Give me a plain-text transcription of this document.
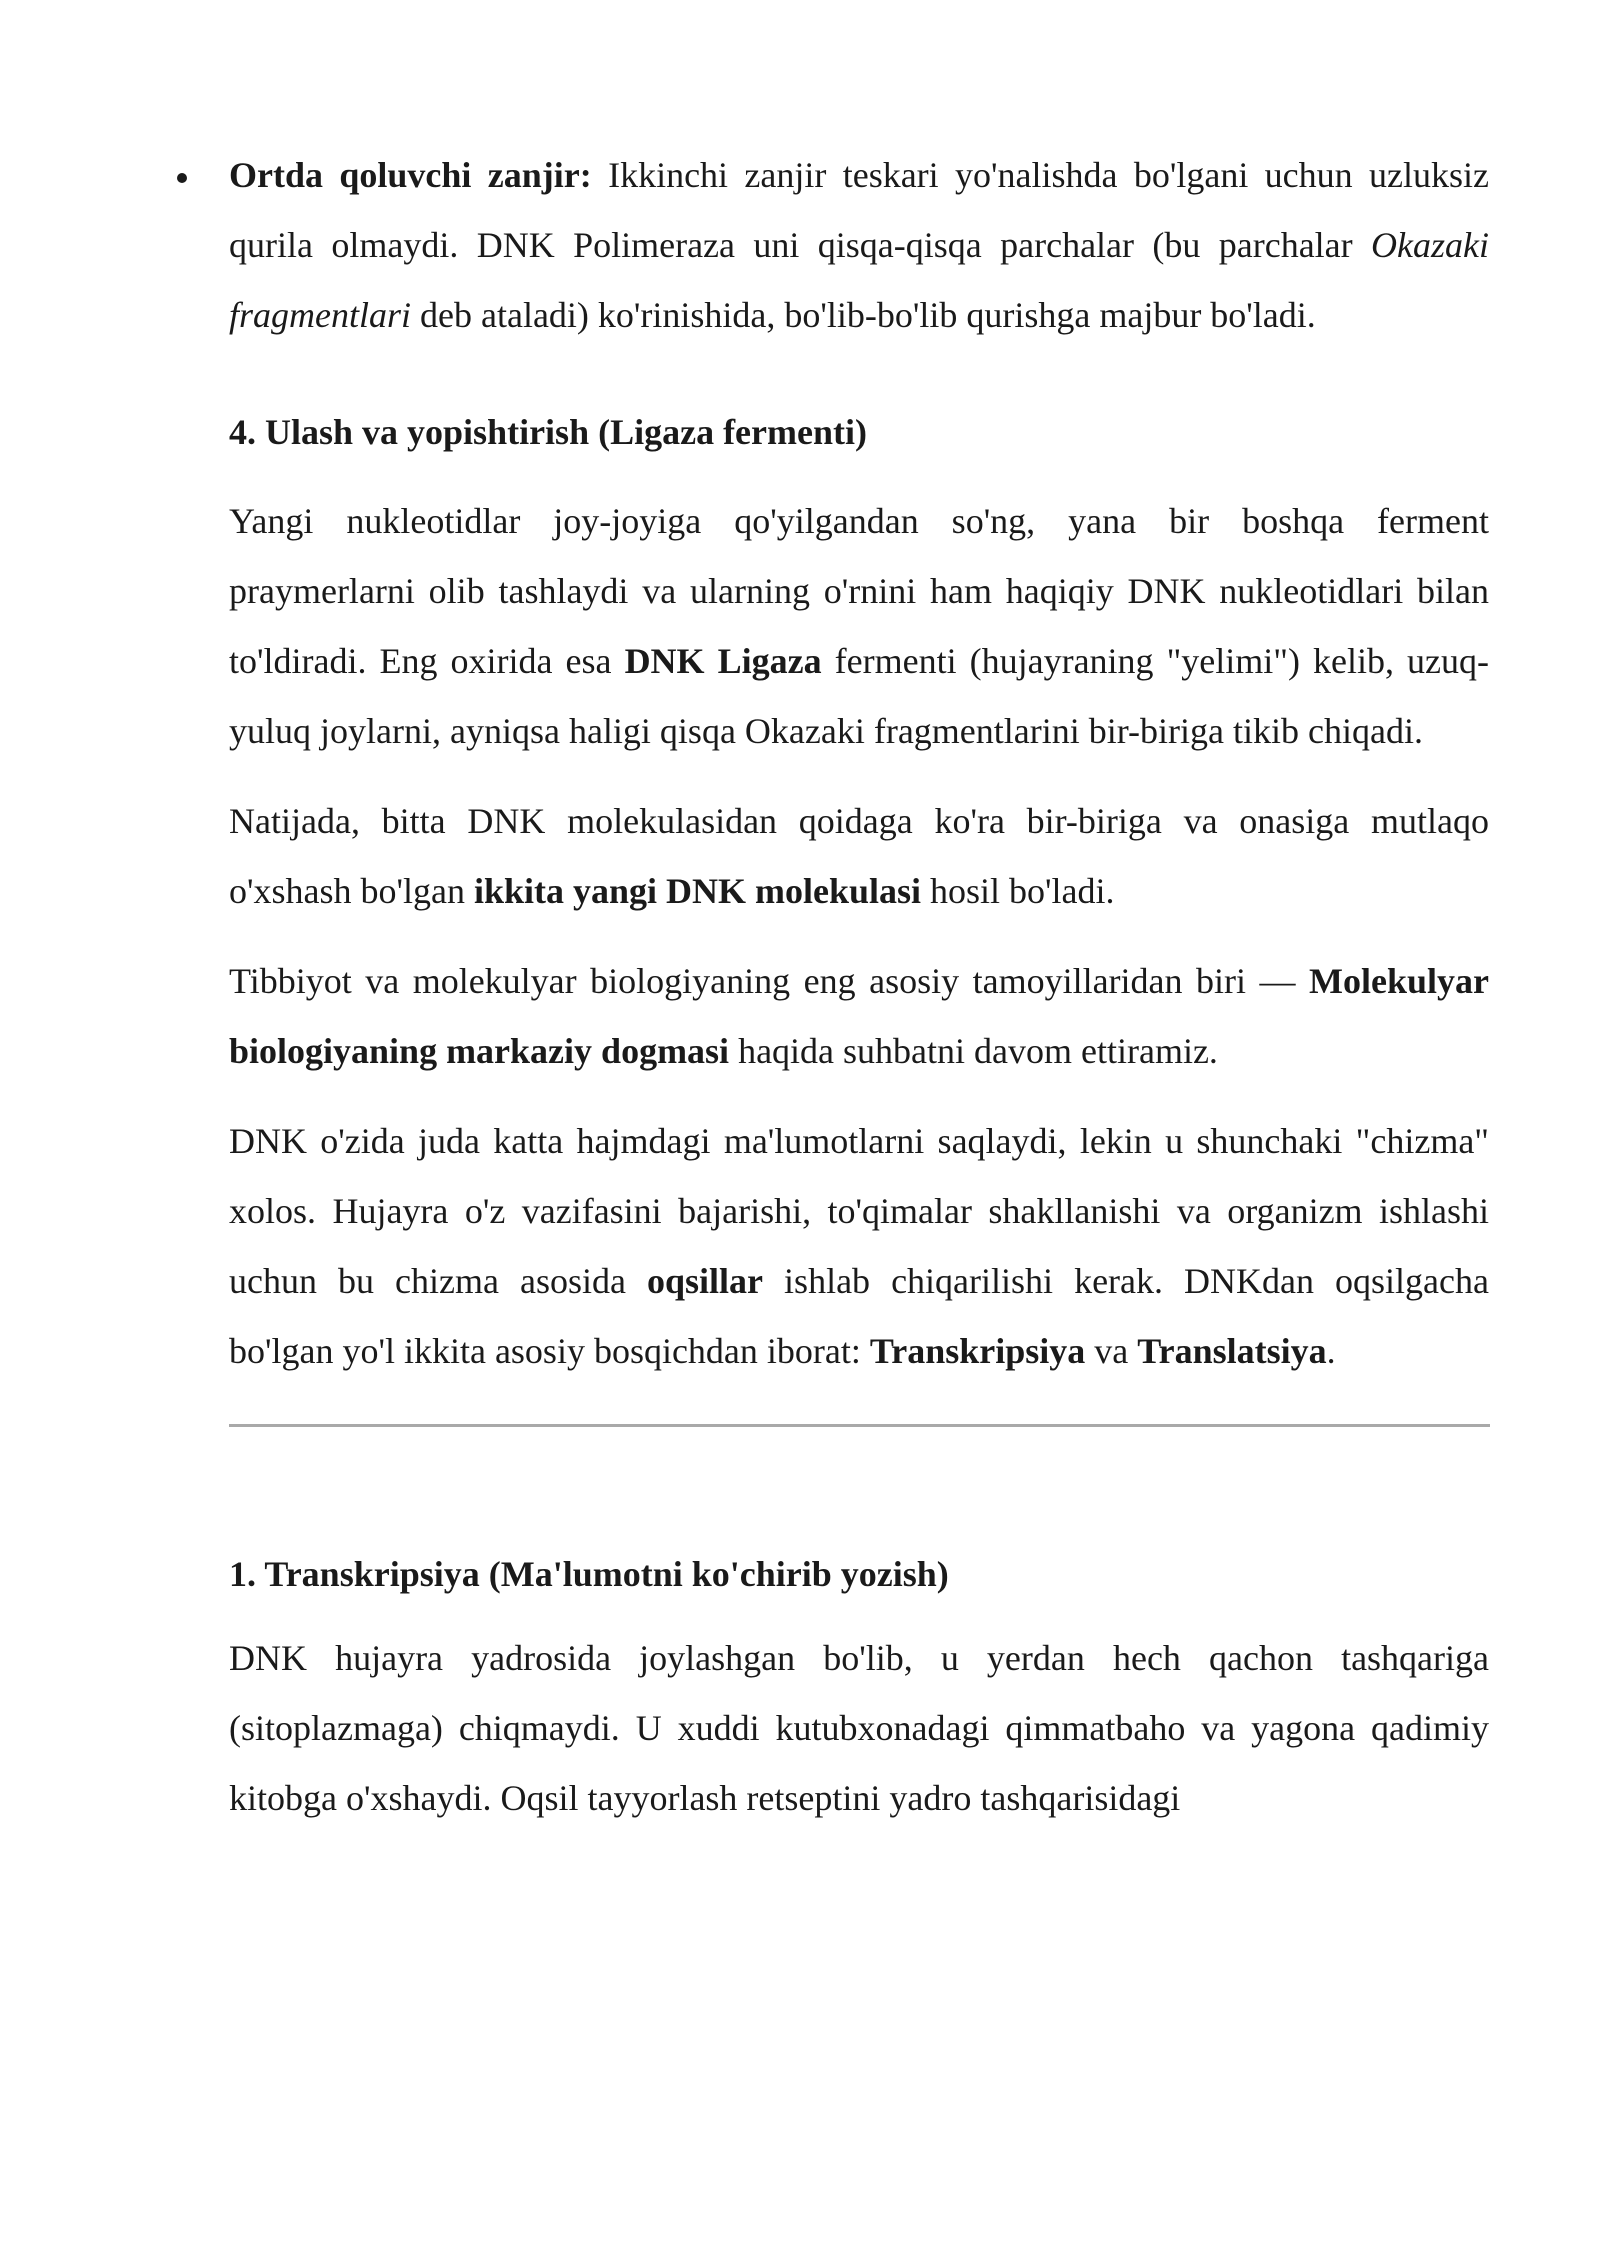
Ortda qoluvchi zanjir: Ikkinchi zanjir teskari yo'nalishda bo'lgani uchun uzluksiz qurila olmaydi. DNK Polimeraza uni qisqa-qisqa parchalar (bu parchalar Okazaki fragmentlari deb ataladi) ko'rinishida, bo'lib-bo'lib qurishga majbur bo'ladi.

4. Ulash va yopishtirish (Ligaza fermenti)

Yangi nukleotidlar joy-joyiga qo'yilgandan so'ng, yana bir boshqa ferment praymerlarni olib tashlaydi va ularning o'rnini ham haqiqiy DNK nukleotidlari bilan to'ldiradi. Eng oxirida esa DNK Ligaza fermenti (hujayraning "yelimi") kelib, uzuq-yuluq joylarni, ayniqsa haligi qisqa Okazaki fragmentlarini bir-biriga tikib chiqadi.

Natijada, bitta DNK molekulasidan qoidaga ko'ra bir-biriga va onasiga mutlaqo o'xshash bo'lgan ikkita yangi DNK molekulasi hosil bo'ladi.

Tibbiyot va molekulyar biologiyaning eng asosiy tamoyillaridan biri — Molekulyar biologiyaning markaziy dogmasi haqida suhbatni davom ettiramiz.

DNK o'zida juda katta hajmdagi ma'lumotlarni saqlaydi, lekin u shunchaki "chizma" xolos. Hujayra o'z vazifasini bajarishi, to'qimalar shakllanishi va organizm ishlashi uchun bu chizma asosida oqsillar ishlab chiqarilishi kerak. DNKdan oqsilgacha bo'lgan yo'l ikkita asosiy bosqichdan iborat: Transkripsiya va Translatsiya.

1. Transkripsiya (Ma'lumotni ko'chirib yozish)

DNK hujayra yadrosida joylashgan bo'lib, u yerdan hech qachon tashqariga (sitoplazmaga) chiqmaydi. U xuddi kutubxonadagi qimmatbaho va yagona qadimiy kitobga o'xshaydi. Oqsil tayyorlash retseptini yadro tashqarisidagi
